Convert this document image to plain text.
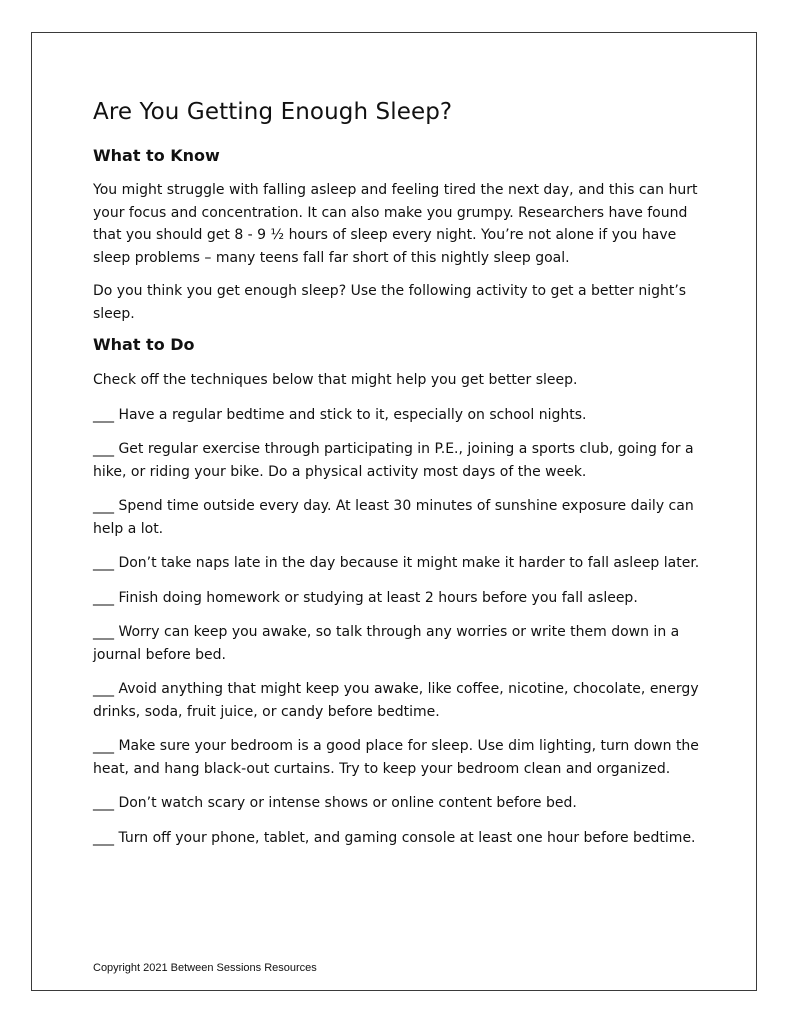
Are You Getting Enough Sleep?
What to Know

You might struggle with falling asleep and feeling tired the next day, and this can hurt your focus and concentration. It can also make you grumpy. Researchers have found that you should get 8 - 9 ½ hours of sleep every night. You’re not alone if you have sleep problems – many teens fall far short of this nightly sleep goal.

Do you think you get enough sleep? Use the following activity to get a better night’s sleep.

What to Do

Check off the techniques below that might help you get better sleep.

___ Have a regular bedtime and stick to it, especially on school nights.

___ Get regular exercise through participating in P.E., joining a sports club, going for a hike, or riding your bike. Do a physical activity most days of the week.

___ Spend time outside every day. At least 30 minutes of sunshine exposure daily can help a lot.

___ Don’t take naps late in the day because it might make it harder to fall asleep later.

___ Finish doing homework or studying at least 2 hours before you fall asleep.

___ Worry can keep you awake, so talk through any worries or write them down in a journal before bed.

___ Avoid anything that might keep you awake, like coffee, nicotine, chocolate, energy drinks, soda, fruit juice, or candy before bedtime.

___ Make sure your bedroom is a good place for sleep. Use dim lighting, turn down the heat, and hang black-out curtains. Try to keep your bedroom clean and organized.

___ Don’t watch scary or intense shows or online content before bed.

___ Turn off your phone, tablet, and gaming console at least one hour before bedtime.

Copyright 2021 Between Sessions Resources
